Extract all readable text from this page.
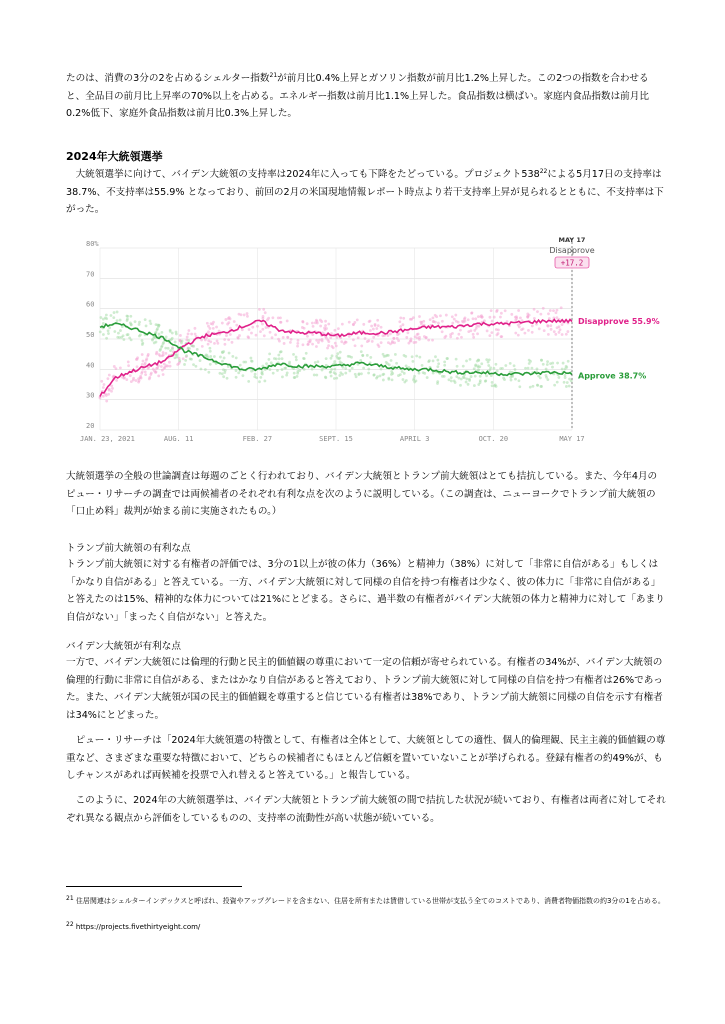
たのは、消費の3分の2を占めるシェルター指数$^{21}$が前月比0.4%上昇とガソリン指数が前月比1.2%上昇した。この2つの指数を合わせると、全品目の前月比上昇率の70%以上を占める。エネルギー指数は前月比1.1%上昇した。食品指数は横ばい。家庭内食品指数は前月比0.2%低下、家庭外食品指数は前月比0.3%上昇した。

2024年大統領選挙

大統領選挙に向けて、バイデン大統領の支持率は2024年に入っても下降をたどっている。プロジェクト$538^{22}$による5月17日の支持率は38.7%、不支持率は55.9% となっており、前回の2月の米国現地情報レポート時点より若干支持率上昇が見られるとともに、不支持率は下がった。

80%
70
60
50
40
30
20
JAN. 23, 2021	AUG. 11	FEB. 27	SEPT. 15	APRIL 3	OCT. 20	MAY 17
Disapprove 55.9%
Approve 38.7%
MAY 17
Disapprove
+17.2

大統領選挙の全般の世論調査は毎週のごとく行われており、バイデン大統領とトランプ前大統領はとても拮抗している。また、今年4月のピュー・リサーチの調査では両候補者のそれぞれ有利な点を次のように説明している。（この調査は、ニューヨークでトランプ前大統領の「口止め料」裁判が始まる前に実施されたもの。）

トランプ前大統領の有利な点

トランプ前大統領に対する有権者の評価では、3分の1以上が彼の体力（36%）と精神力（38%）に対して「非常に自信がある」もしくは「かなり自信がある」と答えている。一方、バイデン大統領に対して同様の自信を持つ有権者は少なく、彼の体力に「非常に自信がある」と答えたのは15%、精神的な体力については21%にとどまる。さらに、過半数の有権者がバイデン大統領の体力と精神力に対して「あまり自信がない」「まったく自信がない」と答えた。

バイデン大統領が有利な点

一方で、バイデン大統領には倫理的行動と民主的価値観の尊重において一定の信頼が寄せられている。有権者の34%が、バイデン大統領の倫理的行動に非常に自信がある、またはかなり自信があると答えており、トランプ前大統領に対して同様の自信を持つ有権者は26%であった。また、バイデン大統領が国の民主的価値観を尊重すると信じている有権者は38%であり、トランプ前大統領に同様の自信を示す有権者は34%にとどまった。

ピュー・リサーチは「2024年大統領選の特徴として、有権者は全体として、大統領としての適性、個人的倫理観、民主主義的価値観の尊重など、さまざまな重要な特徴において、どちらの候補者にもほとんど信頼を置いていないことが挙げられる。登録有権者の約49%が、もしチャンスがあれば両候補を投票で入れ替えると答えている。」と報告している。

このように、2024年の大統領選挙は、バイデン大統領とトランプ前大統領の間で拮抗した状況が続いており、有権者は両者に対してそれぞれ異なる観点から評価をしているものの、支持率の流動性が高い状態が続いている。

$^{21}$ 住居関連はシェルターインデックスと呼ばれ、投資やアップグレードを含まない、住居を所有または賃借している世帯が支払う全てのコストであり、消費者物価指数の約3分の1を占める。

$^{22}$ https://projects.fivethirtyeight.com/
